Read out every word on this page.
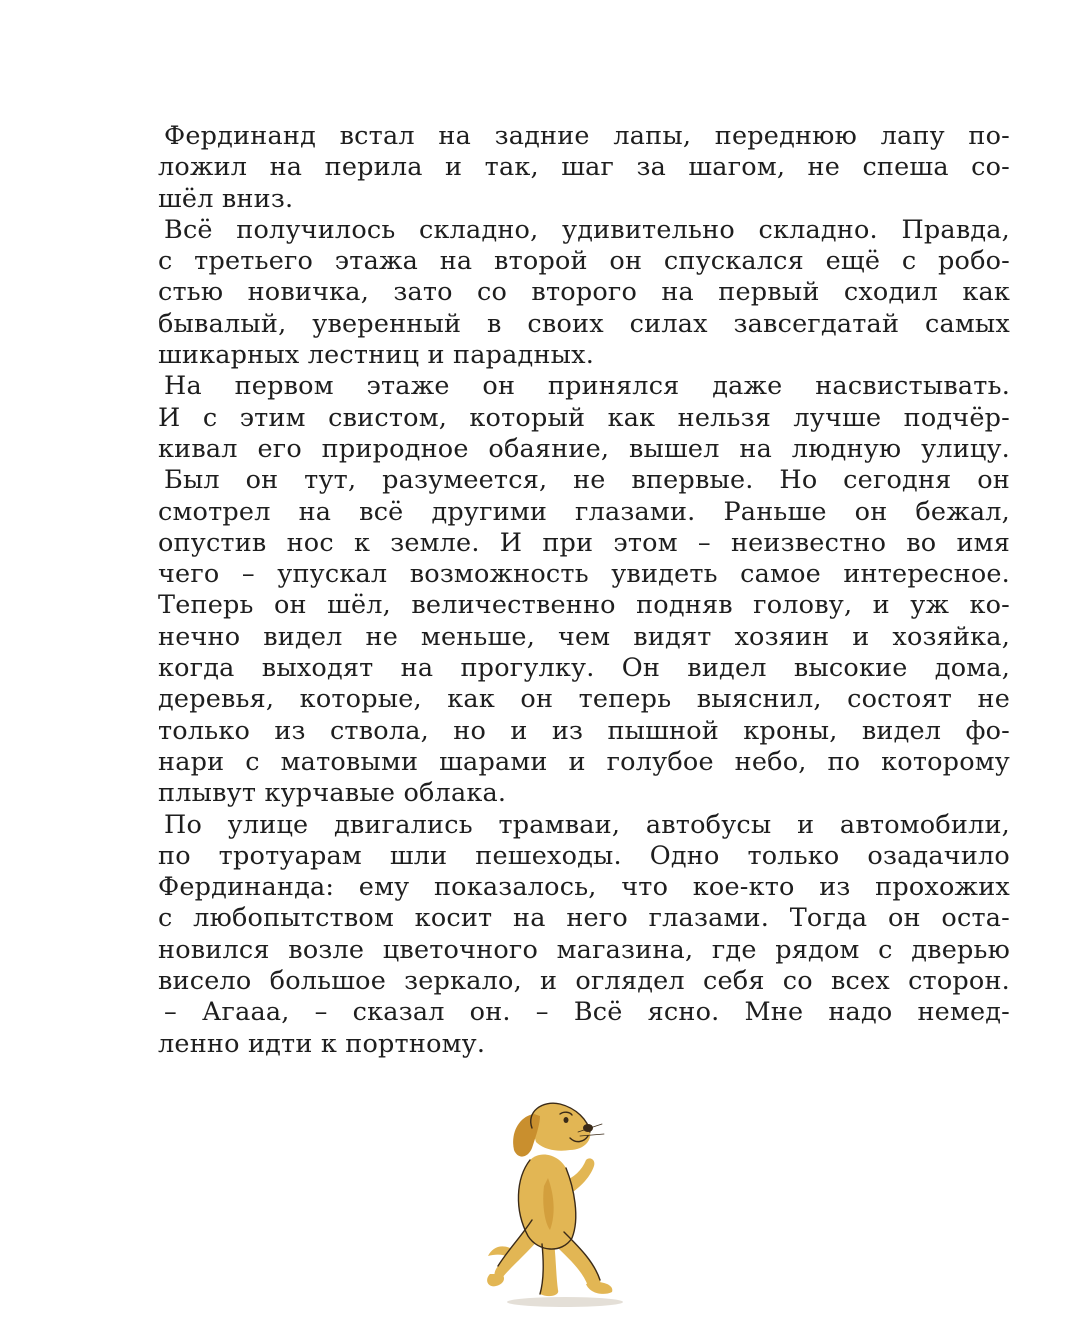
Фердинанд встал на задние лапы, переднюю лапу по-
ложил на перила и так, шаг за шагом, не спеша со-
шёл вниз.
Всё получилось складно, удивительно складно. Правда,
с третьего этажа на второй он спускался ещё с робо-
стью новичка, зато со второго на первый сходил как
бывалый, уверенный в своих силах завсегдатай самых
шикарных лестниц и парадных.
На первом этаже он принялся даже насвистывать.
И с этим свистом, который как нельзя лучше подчёр-
кивал его природное обаяние, вышел на людную улицу.
Был он тут, разумеется, не впервые. Но сегодня он
смотрел на всё другими глазами. Раньше он бежал,
опустив нос к земле. И при этом – неизвестно во имя
чего – упускал возможность увидеть самое интересное.
Теперь он шёл, величественно подняв голову, и уж ко-
нечно видел не меньше, чем видят хозяин и хозяйка,
когда выходят на прогулку. Он видел высокие дома,
деревья, которые, как он теперь выяснил, состоят не
только из ствола, но и из пышной кроны, видел фо-
нари с матовыми шарами и голубое небо, по которому
плывут курчавые облака.
По улице двигались трамваи, автобусы и автомобили,
по тротуарам шли пешеходы. Одно только озадачило
Фердинанда: ему показалось, что кое-кто из прохожих
с любопытством косит на него глазами. Тогда он оста-
новился возле цветочного магазина, где рядом с дверью
висело большое зеркало, и оглядел себя со всех сторон.
– Агааа, – сказал он. – Всё ясно. Мне надо немед-
ленно идти к портному.
